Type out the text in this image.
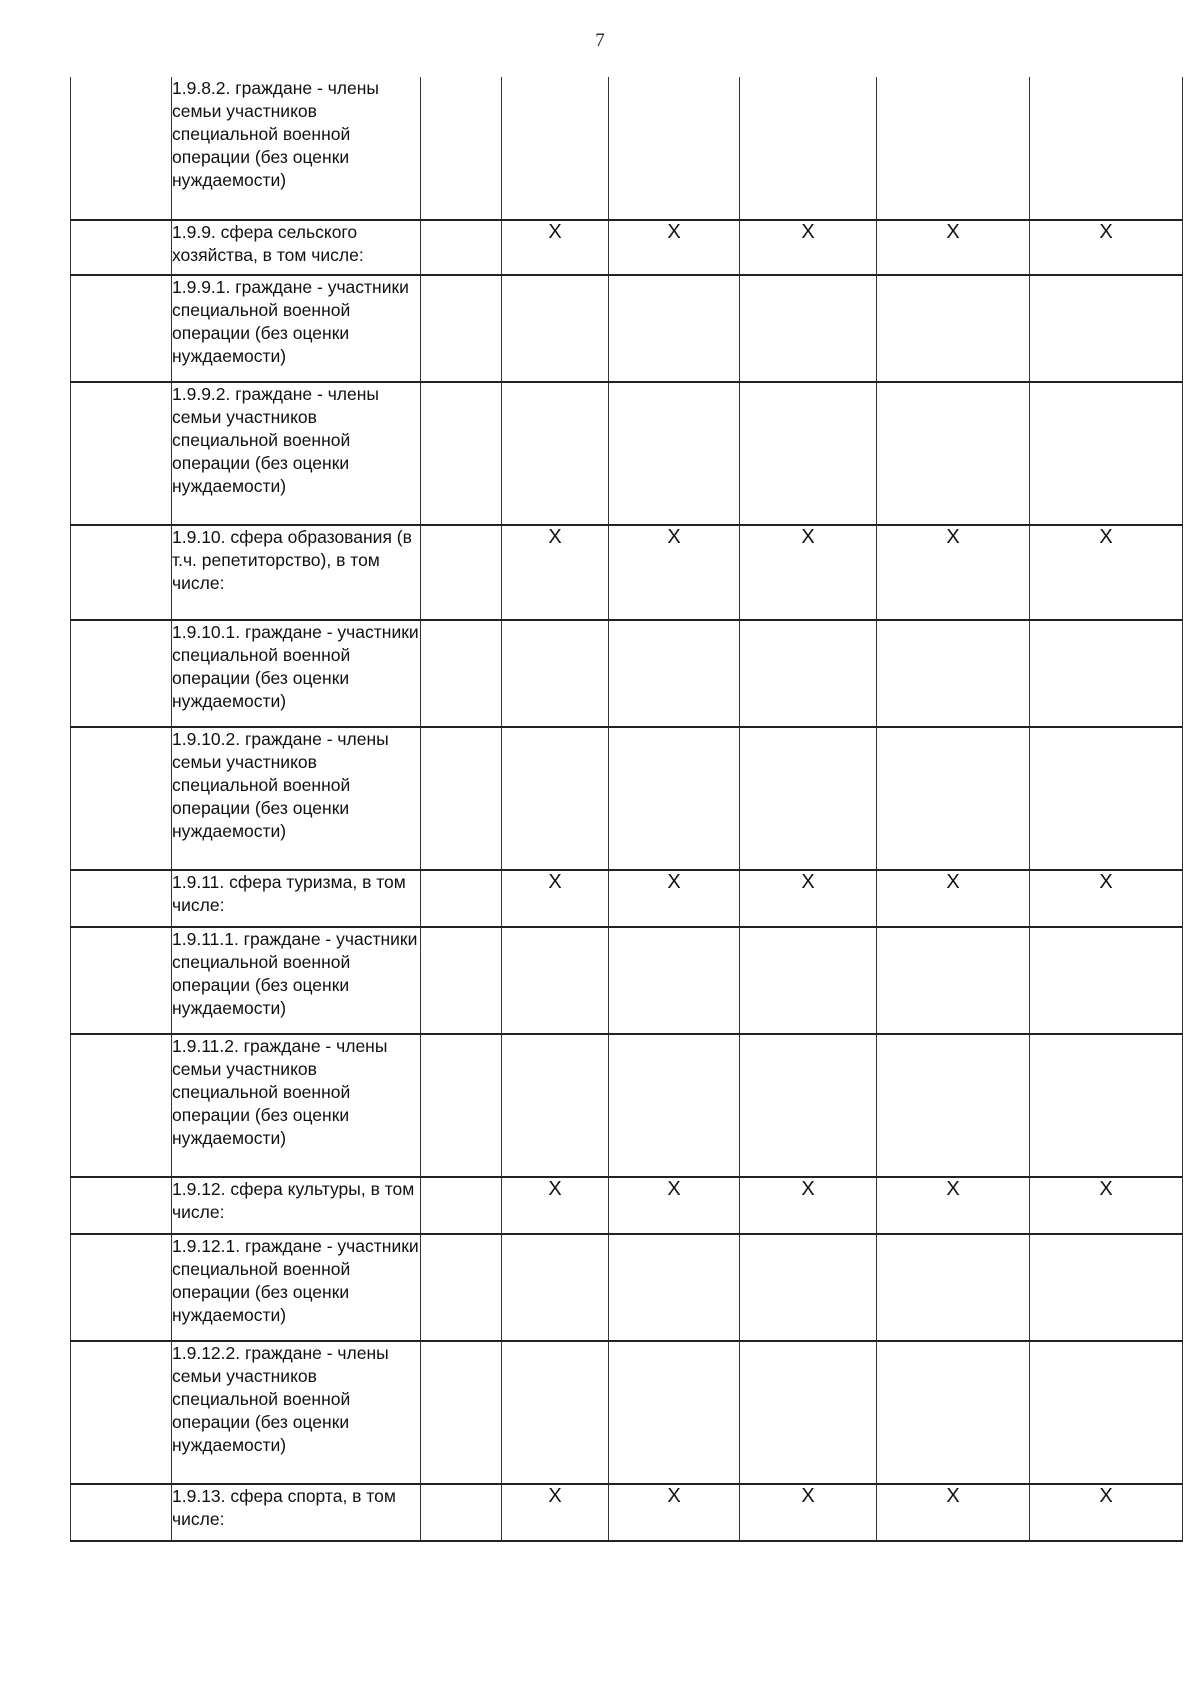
7
	1.9.8.2. граждане - члены семьи участников специальной военной операции (без оценки нуждаемости)						
	1.9.9. сфера сельского хозяйства, в том числе:		X	X	X	X	X
	1.9.9.1. граждане - участники специальной военной операции (без оценки нуждаемости)						
	1.9.9.2. граждане - члены семьи участников специальной военной операции (без оценки нуждаемости)						
	1.9.10. сфера образования (в т.ч. репетиторство), в том числе:		X	X	X	X	X
	1.9.10.1. граждане - участники специальной военной операции (без оценки нуждаемости)						
	1.9.10.2. граждане - члены семьи участников специальной военной операции (без оценки нуждаемости)						
	1.9.11. сфера туризма, в том числе:		X	X	X	X	X
	1.9.11.1. граждане - участники специальной военной операции (без оценки нуждаемости)						
	1.9.11.2. граждане - члены семьи участников специальной военной операции (без оценки нуждаемости)						
	1.9.12. сфера культуры, в том числе:		X	X	X	X	X
	1.9.12.1. граждане - участники специальной военной операции (без оценки нуждаемости)						
	1.9.12.2. граждане - члены семьи участников специальной военной операции (без оценки нуждаемости)						
	1.9.13. сфера спорта, в том числе:		X	X	X	X	X
